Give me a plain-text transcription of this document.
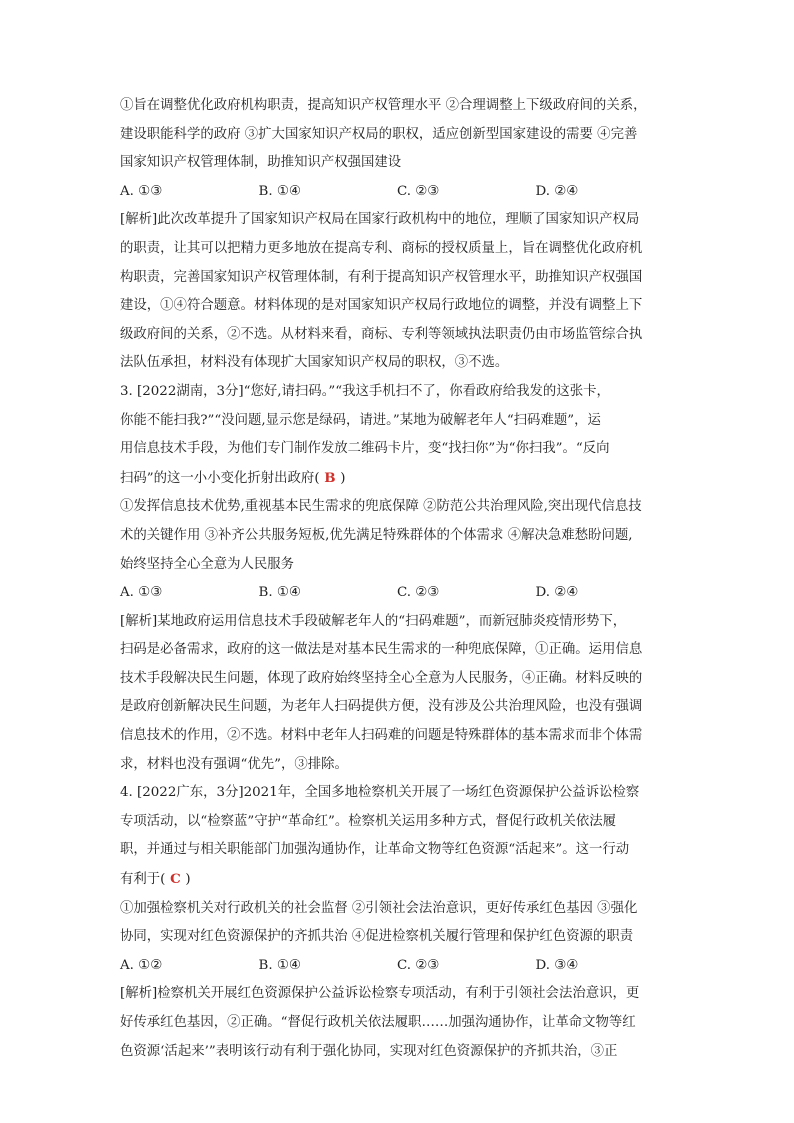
①旨在调整优化政府机构职责，提高知识产权管理水平 ②合理调整上下级政府间的关系，
建设职能科学的政府 ③扩大国家知识产权局的职权，适应创新型国家建设的需要 ④完善
国家知识产权管理体制，助推知识产权强国建设
A. ①③	B. ①④	C. ②③	D. ②④
[解析]此次改革提升了国家知识产权局在国家行政机构中的地位，理顺了国家知识产权局
的职责，让其可以把精力更多地放在提高专利、商标的授权质量上，旨在调整优化政府机
构职责，完善国家知识产权管理体制，有利于提高知识产权管理水平，助推知识产权强国
建设，①④符合题意。材料体现的是对国家知识产权局行政地位的调整，并没有调整上下
级政府间的关系，②不选。从材料来看，商标、专利等领域执法职责仍由市场监管综合执
法队伍承担，材料没有体现扩大国家知识产权局的职权，③不选。
3. [2022湖南，3分]“您好,请扫码。”“我这手机扫不了，你看政府给我发的这张卡，
你能不能扫我?”“没问题,显示您是绿码，请进。”某地为破解老年人“扫码难题”，运
用信息技术手段，为他们专门制作发放二维码卡片，变“找扫你”为“你扫我”。“反向
扫码”的这一小小变化折射出政府( B )
①发挥信息技术优势,重视基本民生需求的兜底保障 ②防范公共治理风险,突出现代信息技
术的关键作用 ③补齐公共服务短板,优先满足特殊群体的个体需求 ④解决急难愁盼问题,
始终坚持全心全意为人民服务
A. ①③	B. ①④	C. ②③	D. ②④
[解析]某地政府运用信息技术手段破解老年人的“扫码难题”，而新冠肺炎疫情形势下，
扫码是必备需求，政府的这一做法是对基本民生需求的一种兜底保障，①正确。运用信息
技术手段解决民生问题，体现了政府始终坚持全心全意为人民服务，④正确。材料反映的
是政府创新解决民生问题，为老年人扫码提供方便，没有涉及公共治理风险，也没有强调
信息技术的作用，②不选。材料中老年人扫码难的问题是特殊群体的基本需求而非个体需
求，材料也没有强调“优先”，③排除。
4. [2022广东，3分]2021年，全国多地检察机关开展了一场红色资源保护公益诉讼检察
专项活动，以“检察蓝”守护“革命红”。检察机关运用多种方式，督促行政机关依法履
职，并通过与相关职能部门加强沟通协作，让革命文物等红色资源“活起来”。这一行动
有利于( C )
①加强检察机关对行政机关的社会监督 ②引领社会法治意识，更好传承红色基因 ③强化
协同，实现对红色资源保护的齐抓共治 ④促进检察机关履行管理和保护红色资源的职责
A. ①②	B. ①④	C. ②③	D. ③④
[解析]检察机关开展红色资源保护公益诉讼检察专项活动，有利于引领社会法治意识，更
好传承红色基因，②正确。“督促行政机关依法履职……加强沟通协作，让革命文物等红
色资源‘活起来’”表明该行动有利于强化协同，实现对红色资源保护的齐抓共治，③正
